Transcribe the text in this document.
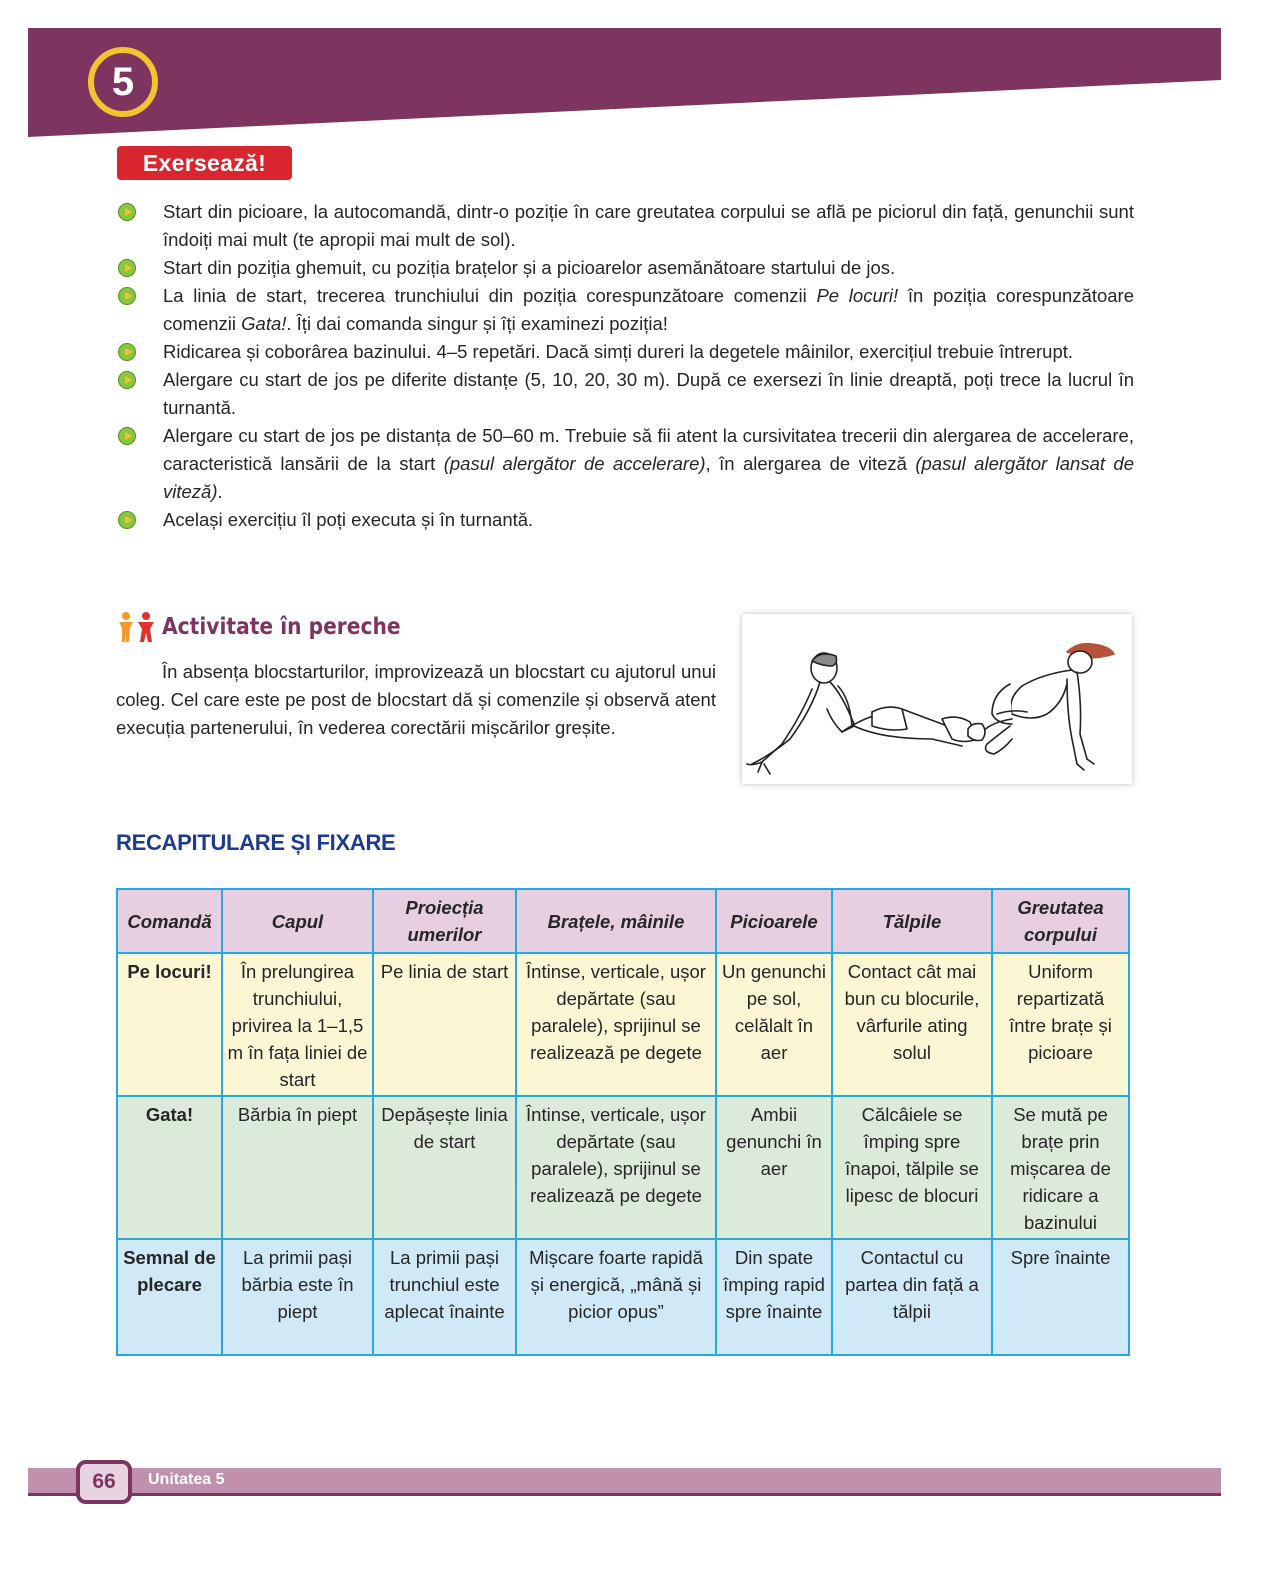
5
Exersează!
Start din picioare, la autocomandă, dintr-o poziție în care greutatea corpului se află pe piciorul din față, genunchii sunt îndoiți mai mult (te apropii mai mult de sol).
Start din poziția ghemuit, cu poziția brațelor și a picioarelor asemănătoare startului de jos.
La linia de start, trecerea trunchiului din poziția corespunzătoare comenzii Pe locuri! în poziția corespunzătoare comenzii Gata!. Îți dai comanda singur și îți examinezi poziția!
Ridicarea și coborârea bazinului. 4–5 repetări. Dacă simți dureri la degetele mâinilor, exercițiul trebuie întrerupt.
Alergare cu start de jos pe diferite distanțe (5, 10, 20, 30 m). După ce exersezi în linie dreaptă, poți trece la lucrul în turnantă.
Alergare cu start de jos pe distanța de 50–60 m. Trebuie să fii atent la cursivitatea trecerii din alergarea de accelerare, caracteristică lansării de la start (pasul alergător de accelerare), în alergarea de viteză (pasul alergător lansat de viteză).
Același exercițiu îl poți executa și în turnantă.
Activitate în pereche

În absența blocstarturilor, improvizează un blocstart cu ajutorul unui coleg. Cel care este pe post de blocstart dă și comenzile și observă atent execuția partenerului, în vederea corectării mișcărilor greșite.

RECAPITULARE ȘI FIXARE
Comandă	Capul	Proiecția umerilor	Brațele, mâinile	Picioarele	Tălpile	Greutatea corpului
Pe locuri!	În prelungirea trunchiului, privirea la 1–1,5 m în fața liniei de start	Pe linia de start	Întinse, verticale, ușor depărtate (sau paralele), sprijinul se realizează pe degete	Un genunchi pe sol, celălalt în aer	Contact cât mai bun cu blocurile, vârfurile ating solul	Uniform repartizată între brațe și picioare
Gata!	Bărbia în piept	Depășește linia de start	Întinse, verticale, ușor depărtate (sau paralele), sprijinul se realizează pe degete	Ambii genunchi în aer	Călcâiele se împing spre înapoi, tălpile se lipesc de blocuri	Se mută pe brațe prin mișcarea de ridicare a bazinului
Semnal de plecare	La primii pași bărbia este în piept	La primii pași trunchiul este aplecat înainte	Mișcare foarte rapidă și energică, „mână și picior opus”	Din spate împing rapid spre înainte	Contactul cu partea din față a tălpii	Spre înainte
66	Unitatea 5
